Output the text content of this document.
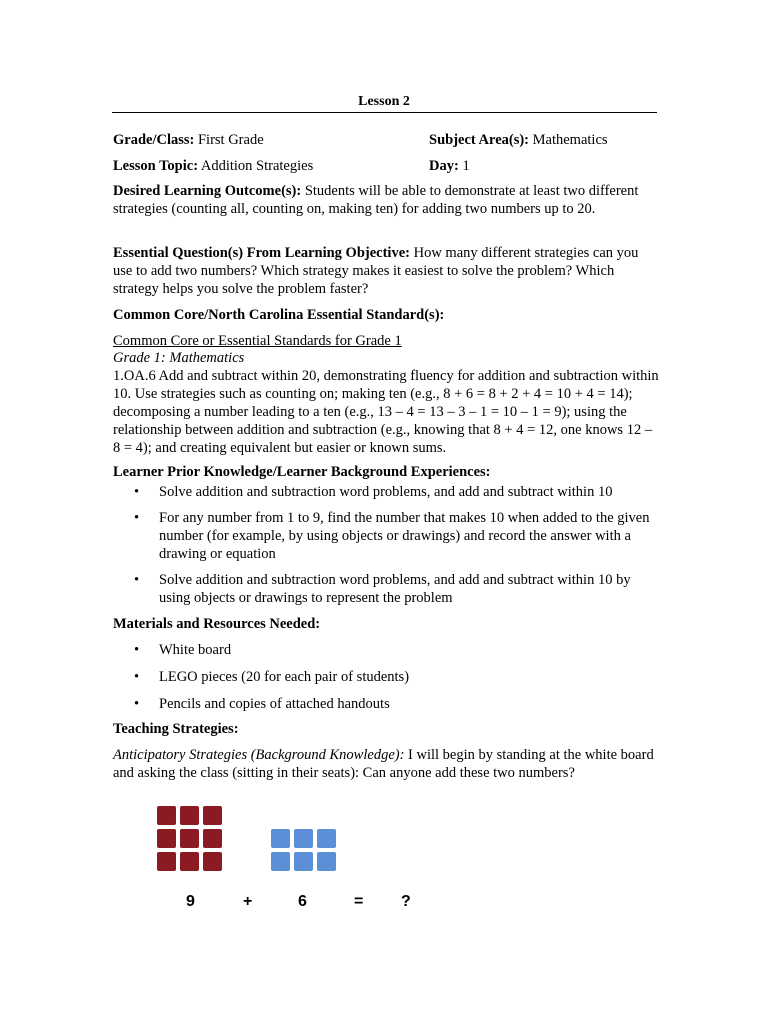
Lesson 2
Grade/Class: First Grade	Subject Area(s): Mathematics
Lesson Topic: Addition Strategies	Day: 1
Desired Learning Outcome(s): Students will be able to demonstrate at least two different strategies (counting all, counting on, making ten) for adding two numbers up to 20.
Essential Question(s) From Learning Objective: How many different strategies can you use to add two numbers? Which strategy makes it easiest to solve the problem? Which strategy helps you solve the problem faster?
Common Core/North Carolina Essential Standard(s):
Common Core or Essential Standards for Grade 1
Grade 1: Mathematics
1.OA.6 Add and subtract within 20, demonstrating fluency for addition and subtraction within 10. Use strategies such as counting on; making ten (e.g., 8 + 6 = 8 + 2 + 4 = 10 + 4 = 14); decomposing a number leading to a ten (e.g., 13 – 4 = 13 – 3 – 1 = 10 – 1 = 9); using the relationship between addition and subtraction (e.g., knowing that 8 + 4 = 12, one knows 12 – 8 = 4); and creating equivalent but easier or known sums.
Learner Prior Knowledge/Learner Background Experiences:
• Solve addition and subtraction word problems, and add and subtract within 10
• For any number from 1 to 9, find the number that makes 10 when added to the given number (for example, by using objects or drawings) and record the answer with a drawing or equation
• Solve addition and subtraction word problems, and add and subtract within 10 by using objects or drawings to represent the problem
Materials and Resources Needed:
• White board
• LEGO pieces (20 for each pair of students)
• Pencils and copies of attached handouts
Teaching Strategies:
Anticipatory Strategies (Background Knowledge): I will begin by standing at the white board and asking the class (sitting in their seats): Can anyone add these two numbers?
9	+	6	= ?
